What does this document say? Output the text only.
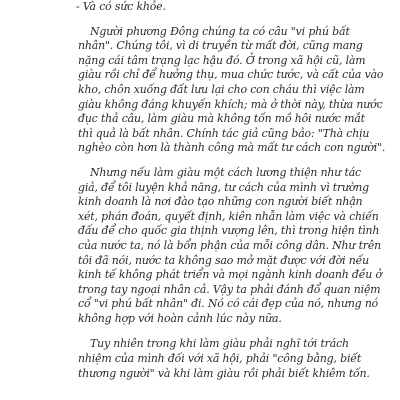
- Và có sức khỏe.

Người phương Đông chúng ta có câu "vi phú bất
nhân". Chúng tôi, vì di truyền từ mất đời, cũng mang
nặng cái tâm trạng lạc hậu đó. Ở trong xã hội cũ, làm
giàu rồi chỉ để hưởng thụ, mua chức tước, và cất của vào
kho, chôn xuống đất lưu lại cho con cháu thì việc làm
giàu không đáng khuyến khích; mà ở thời này, thừa nước
đục thả câu, làm giàu mà không tốn mồ hôi nước mắt
thì quả là bất nhân. Chính tác giả cũng bảo: "Thà chịu
nghèo còn hơn là thành công mà mất tư cách con người".

Nhưng nếu làm giàu một cách lương thiện như tác
giả, để tôi luyện khả năng, tư cách của mình vì trường
kinh doanh là nơi đào tạo những con người biết nhận
xét, phán đoán, quyết định, kiên nhẫn làm việc và chiến
đấu để cho quốc gia thịnh vượng lên, thì trong hiện tình
của nước ta, nó là bổn phận của mỗi công dân. Như trên
tôi đã nói, nước ta không sao mở mặt được với đời nếu
kinh tế không phát triển và mọi ngành kinh doanh đều ở
trong tay ngoại nhân cả. Vậy ta phải đánh đổ quan niệm
cổ "vi phú bất nhân" đi. Nó có cái đẹp của nó, nhưng nó
không hợp với hoàn cảnh lúc này nữa.

Tuy nhiên trong khi làm giàu phải nghĩ tới trách
nhiệm của mình đối với xã hội, phải "công bằng, biết
thương người" và khi làm giàu rồi phải biết khiêm tốn.
